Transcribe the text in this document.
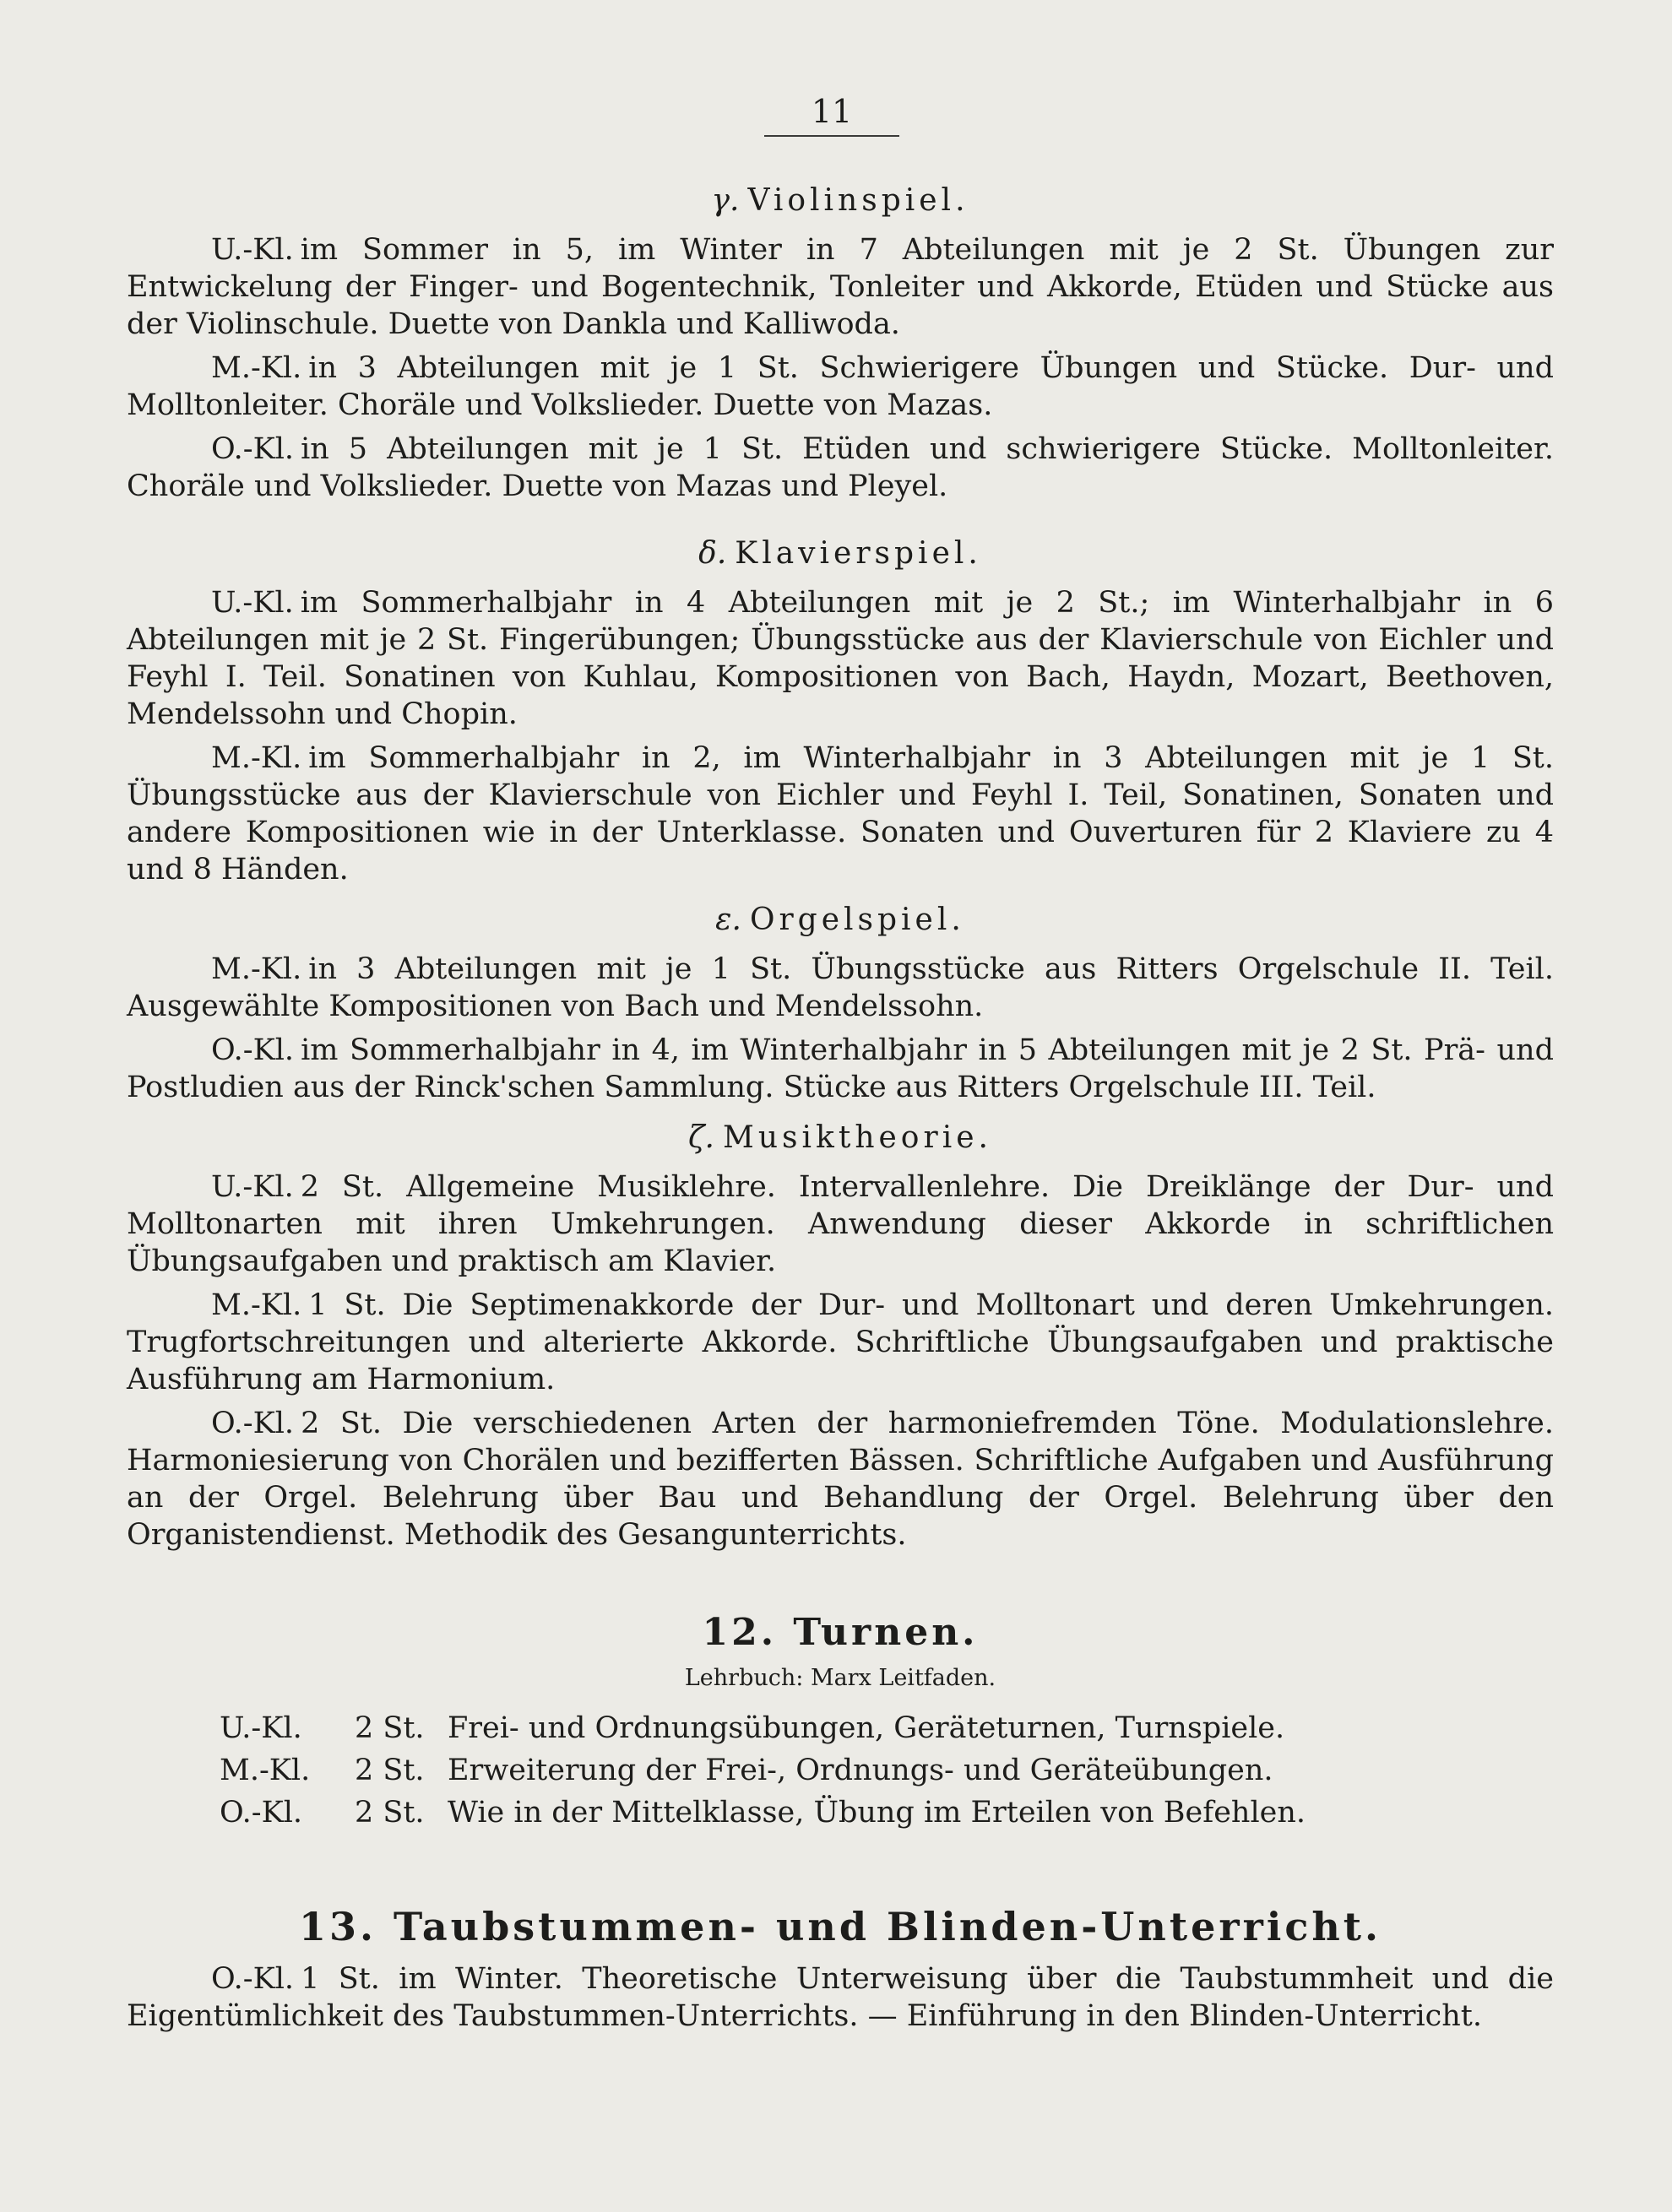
11
γ. Violinspiel.

U.-Kl. im Sommer in 5, im Winter in 7 Abteilungen mit je 2 St. Übungen zur Entwickelung der Finger- und Bogentechnik, Tonleiter und Akkorde, Etüden und Stücke aus der Violinschule. Duette von Dankla und Kalliwoda.

M.-Kl. in 3 Abteilungen mit je 1 St. Schwierigere Übungen und Stücke. Dur- und Molltonleiter. Choräle und Volkslieder. Duette von Mazas.

O.-Kl. in 5 Abteilungen mit je 1 St. Etüden und schwierigere Stücke. Molltonleiter. Choräle und Volkslieder. Duette von Mazas und Pleyel.

δ. Klavierspiel.

U.-Kl. im Sommerhalbjahr in 4 Abteilungen mit je 2 St.; im Winterhalbjahr in 6 Abteilungen mit je 2 St. Fingerübungen; Übungsstücke aus der Klavierschule von Eichler und Feyhl I. Teil. Sonatinen von Kuhlau, Kompositionen von Bach, Haydn, Mozart, Beethoven, Mendelssohn und Chopin.

M.-Kl. im Sommerhalbjahr in 2, im Winterhalbjahr in 3 Abteilungen mit je 1 St. Übungsstücke aus der Klavierschule von Eichler und Feyhl I. Teil, Sonatinen, Sonaten und andere Kompositionen wie in der Unterklasse. Sonaten und Ouverturen für 2 Klaviere zu 4 und 8 Händen.

ε. Orgelspiel.

M.-Kl. in 3 Abteilungen mit je 1 St. Übungsstücke aus Ritters Orgelschule II. Teil. Ausgewählte Kompositionen von Bach und Mendelssohn.

O.-Kl. im Sommerhalbjahr in 4, im Winterhalbjahr in 5 Abteilungen mit je 2 St. Prä- und Postludien aus der Rinck'schen Sammlung. Stücke aus Ritters Orgelschule III. Teil.

ζ. Musiktheorie.

U.-Kl. 2 St. Allgemeine Musiklehre. Intervallenlehre. Die Dreiklänge der Dur- und Molltonarten mit ihren Umkehrungen. Anwendung dieser Akkorde in schriftlichen Übungsaufgaben und praktisch am Klavier.

M.-Kl. 1 St. Die Septimenakkorde der Dur- und Molltonart und deren Umkehrungen. Trugfortschreitungen und alterierte Akkorde. Schriftliche Übungsaufgaben und praktische Ausführung am Harmonium.

O.-Kl. 2 St. Die verschiedenen Arten der harmoniefremden Töne. Modulationslehre. Harmoniesierung von Chorälen und bezifferten Bässen. Schriftliche Aufgaben und Ausführung an der Orgel. Belehrung über Bau und Behandlung der Orgel. Belehrung über den Organistendienst. Methodik des Gesangunterrichts.

12. Turnen.
Lehrbuch: Marx Leitfaden.
U.-Kl. 2 St. Frei- und Ordnungsübungen, Geräteturnen, Turnspiele.
M.-Kl. 2 St. Erweiterung der Frei-, Ordnungs- und Geräteübungen.
O.-Kl. 2 St. Wie in der Mittelklasse, Übung im Erteilen von Befehlen.
13. Taubstummen- und Blinden-Unterricht.

O.-Kl. 1 St. im Winter. Theoretische Unterweisung über die Taubstummheit und die Eigentümlichkeit des Taubstummen-Unterrichts. — Einführung in den Blinden-Unterricht.
